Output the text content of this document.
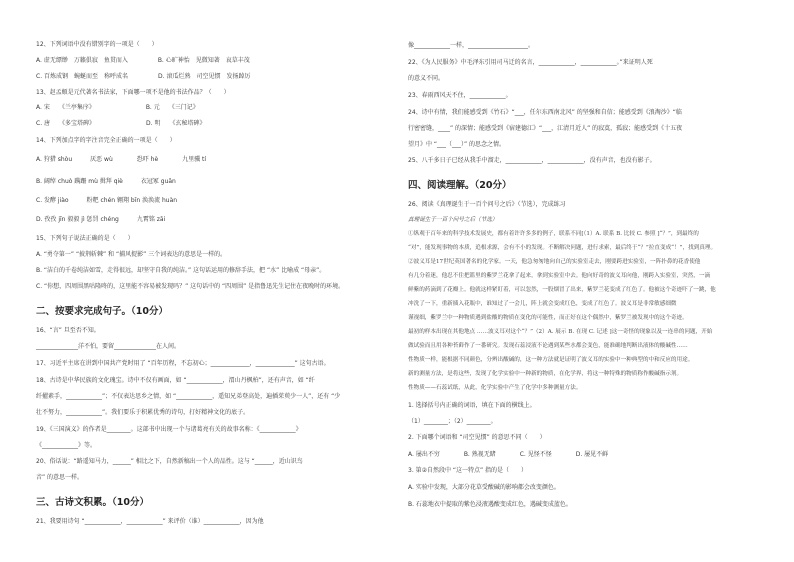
12、下列词语中没有错别字的一项是（　　）
A. 虚无缥缈　万籁俱寂　鱼贯而入　　　　　B. 心旷神怡　见微知著　哀草丰茂
C. 百炼成钢　蜿蜒而至　称呼成名　　　　　D. 滚瓜烂熟　司空见惯　发扬踔厉
13、赵孟頫是元代著名书法家，下面哪一项不是他的书法作品？（　　）
A. 宋　　《兰亭集序》　　　　　　　　　B. 元　　《三门记》
C. 唐　　《多宝塔碑》　　　　　　　　　D. 明　　《玄秘塔碑》
14、下列加点字的字注音完全正确的一项是（　　）
A. 狩猎 shòu　　　厌恶 wù　　　　恐吓 hè　　　　九里骥 tí
B. 阔绰 chuò 蹒跚 mù 揖拜 qiè　　　衣冠冢 guān
C. 发酵 jiào　　　粉粑 chén 翱翔 bīn 涣涣流 huàn
D. 孜孜 jīn 毅毅 jì 惩罚 chéng　　　九霄铭 zāi
15、下列句子说法正确的是（　　）
A. “勇夺第一” “披荆斩棘” 和 “捕风捉影” 三个词表达的意思是一样的。
B. “洁白的千卷纯洁如雪，走得很远，却坚守自我的纯洁。” 这句话运用的修辞手法，把 “水” 比喻成 “母亲”。
C. “你想，四周围黑咕隆咚的，这里能不容易被发现吗？” 这句话中的 “四周围” 是指鲁迅先生记住在夜晚时的环境。
二、按要求完成句子。（10分）
16、“言” 旦至否不知。
______________洋不怕，要留______________在人间。
17、习近平主席在讲到中国共产党时用了 “百年历程，不忘初心；_____________，_____________” 这句古语。
18、古诗是中华民族的文化瑰宝。诗中不仅有画面，如 “____________，渭山丹枫柏”，还有声音，如 “纤
纤擢素手，____________”；不仅表达思乡之情，如 “____________，遥知兄弟登高处，遍插茱萸少一人”，还有 “少
壮不努力，____________”。我们要乐于积累优秀的诗句，打好精神文化的底子。
19、《三国演义》的作者是________。这部书中出现一个与诸葛亮有关的故事名称：《____________》
《____________》等。
20、俗话说：“路遥知马力，______” 相比之下，自然新稿出一个人的品性。这与 “______，近山识鸟
音” 的意思一样。
三、古诗文积累。（10分）
21、我要用诗句 “____________，____________” 来评价（谁）____________，因为他
像____________一样，____________________。
22、《为人民服务》中毛泽东引用司马迁的名言，____________，____________。”来证明人死
的意义不同。
23、春雨西风天不住，____________。
24、诗中有情，我们能感受到《竹石》“___，任尔东西南北风” 的坚强和自信；能感受到《浪淘沙》“临
行密密缝，____” 的深情；能感受到《宿建德江》“___，江清月近人” 的寂寞，孤寂；能感受到《十五夜
望月》中 “___（___）” 的思念之情。
25、八千多日子已经从我手中溜走，____________，____________，没有声音，也没有影子。
四、阅读理解。（20分）
26、阅读《真理诞生于一百个问号之后》（节选），完成练习
真理诞生于一百个问号之后（节选）
①纵观于百年来的科学技术发展史，都有着许许多多的例子，联系不同[（1）A. 联系 B. 比较 C. 参照 ]“？”，到最终的
“对”，能发现事物的本质，追根求源，会有不小的发现。不断解决问题，进行求索，最后终于“？”拉直变成“！”，找到真理。
②波义耳是17世纪英国著名的化学家。一天，他急匆匆地向自己的实验室走去，刚要跨进实验室，一阵扑鼻的花香使他
有几分着迷，他忍不住把篮里的紫罗兰花拿了起来，拿到实验室中去。他向好奇的波义耳向他，刚跨入实验室，突然，一滴
鲜紫的药滴到了花瓣上。他就这样紧盯着，可以忽然，一股烟冒了出来，紫罗兰花变成了红色了。他被这个奇迹吓了一跳，他
冲洗了一下，重新插入花瓶中，谁知过了一会儿，阵上就会变成红色，变成了红色了。波义耳是非常敏感细微
谨视细，紫罗兰中一种物质遇到盐酸的物质在变化的可能性，而正好在这个偶然中，紫罗兰被发现中的这个奇迹。
最初的样本出现在其他地点 ……波义耳对这个“？”（2）A. 展示 B. 在现 C. 记述 ]这一奇怪的现象以及一连串的问题，开始
做试验而且用各种苔藓作了一番研究。发现石蕊浸液不论遇到某些水都会变色，能准确地判断出液体的酸碱性……
性物质一样，能根据不同颜色，分辨出酸碱的，这一种方法就是证明了波义耳的实验中一种典型的中和反应的用途。
新的测量方法，是将这些，发现了化学实验中一种新的物质，在化学界，将这一种特殊的物质称作酸碱指示剂。
性物质——石蕊试纸，从此，化学实验中产生了化学中多种测量方法。
1. 选择括号内正确的词语，填在下面的横线上。
（1）________；（2）________。
2. 下面哪个词语和 “司空见惯” 的意思不同（　　）
A. 屡出不穷　　　　B. 熟视无睹　　　　C. 见怪不怪　　　　D. 屡见不鲜
3. 第②自然段中 “这一特点” 指的是（　　）
A. 实验中发现，大部分花草受酸碱的影响都会改变颜色。
B. 石蕊地衣中提取的紫色浸液遇酸变成红色，遇碱变成蓝色。
